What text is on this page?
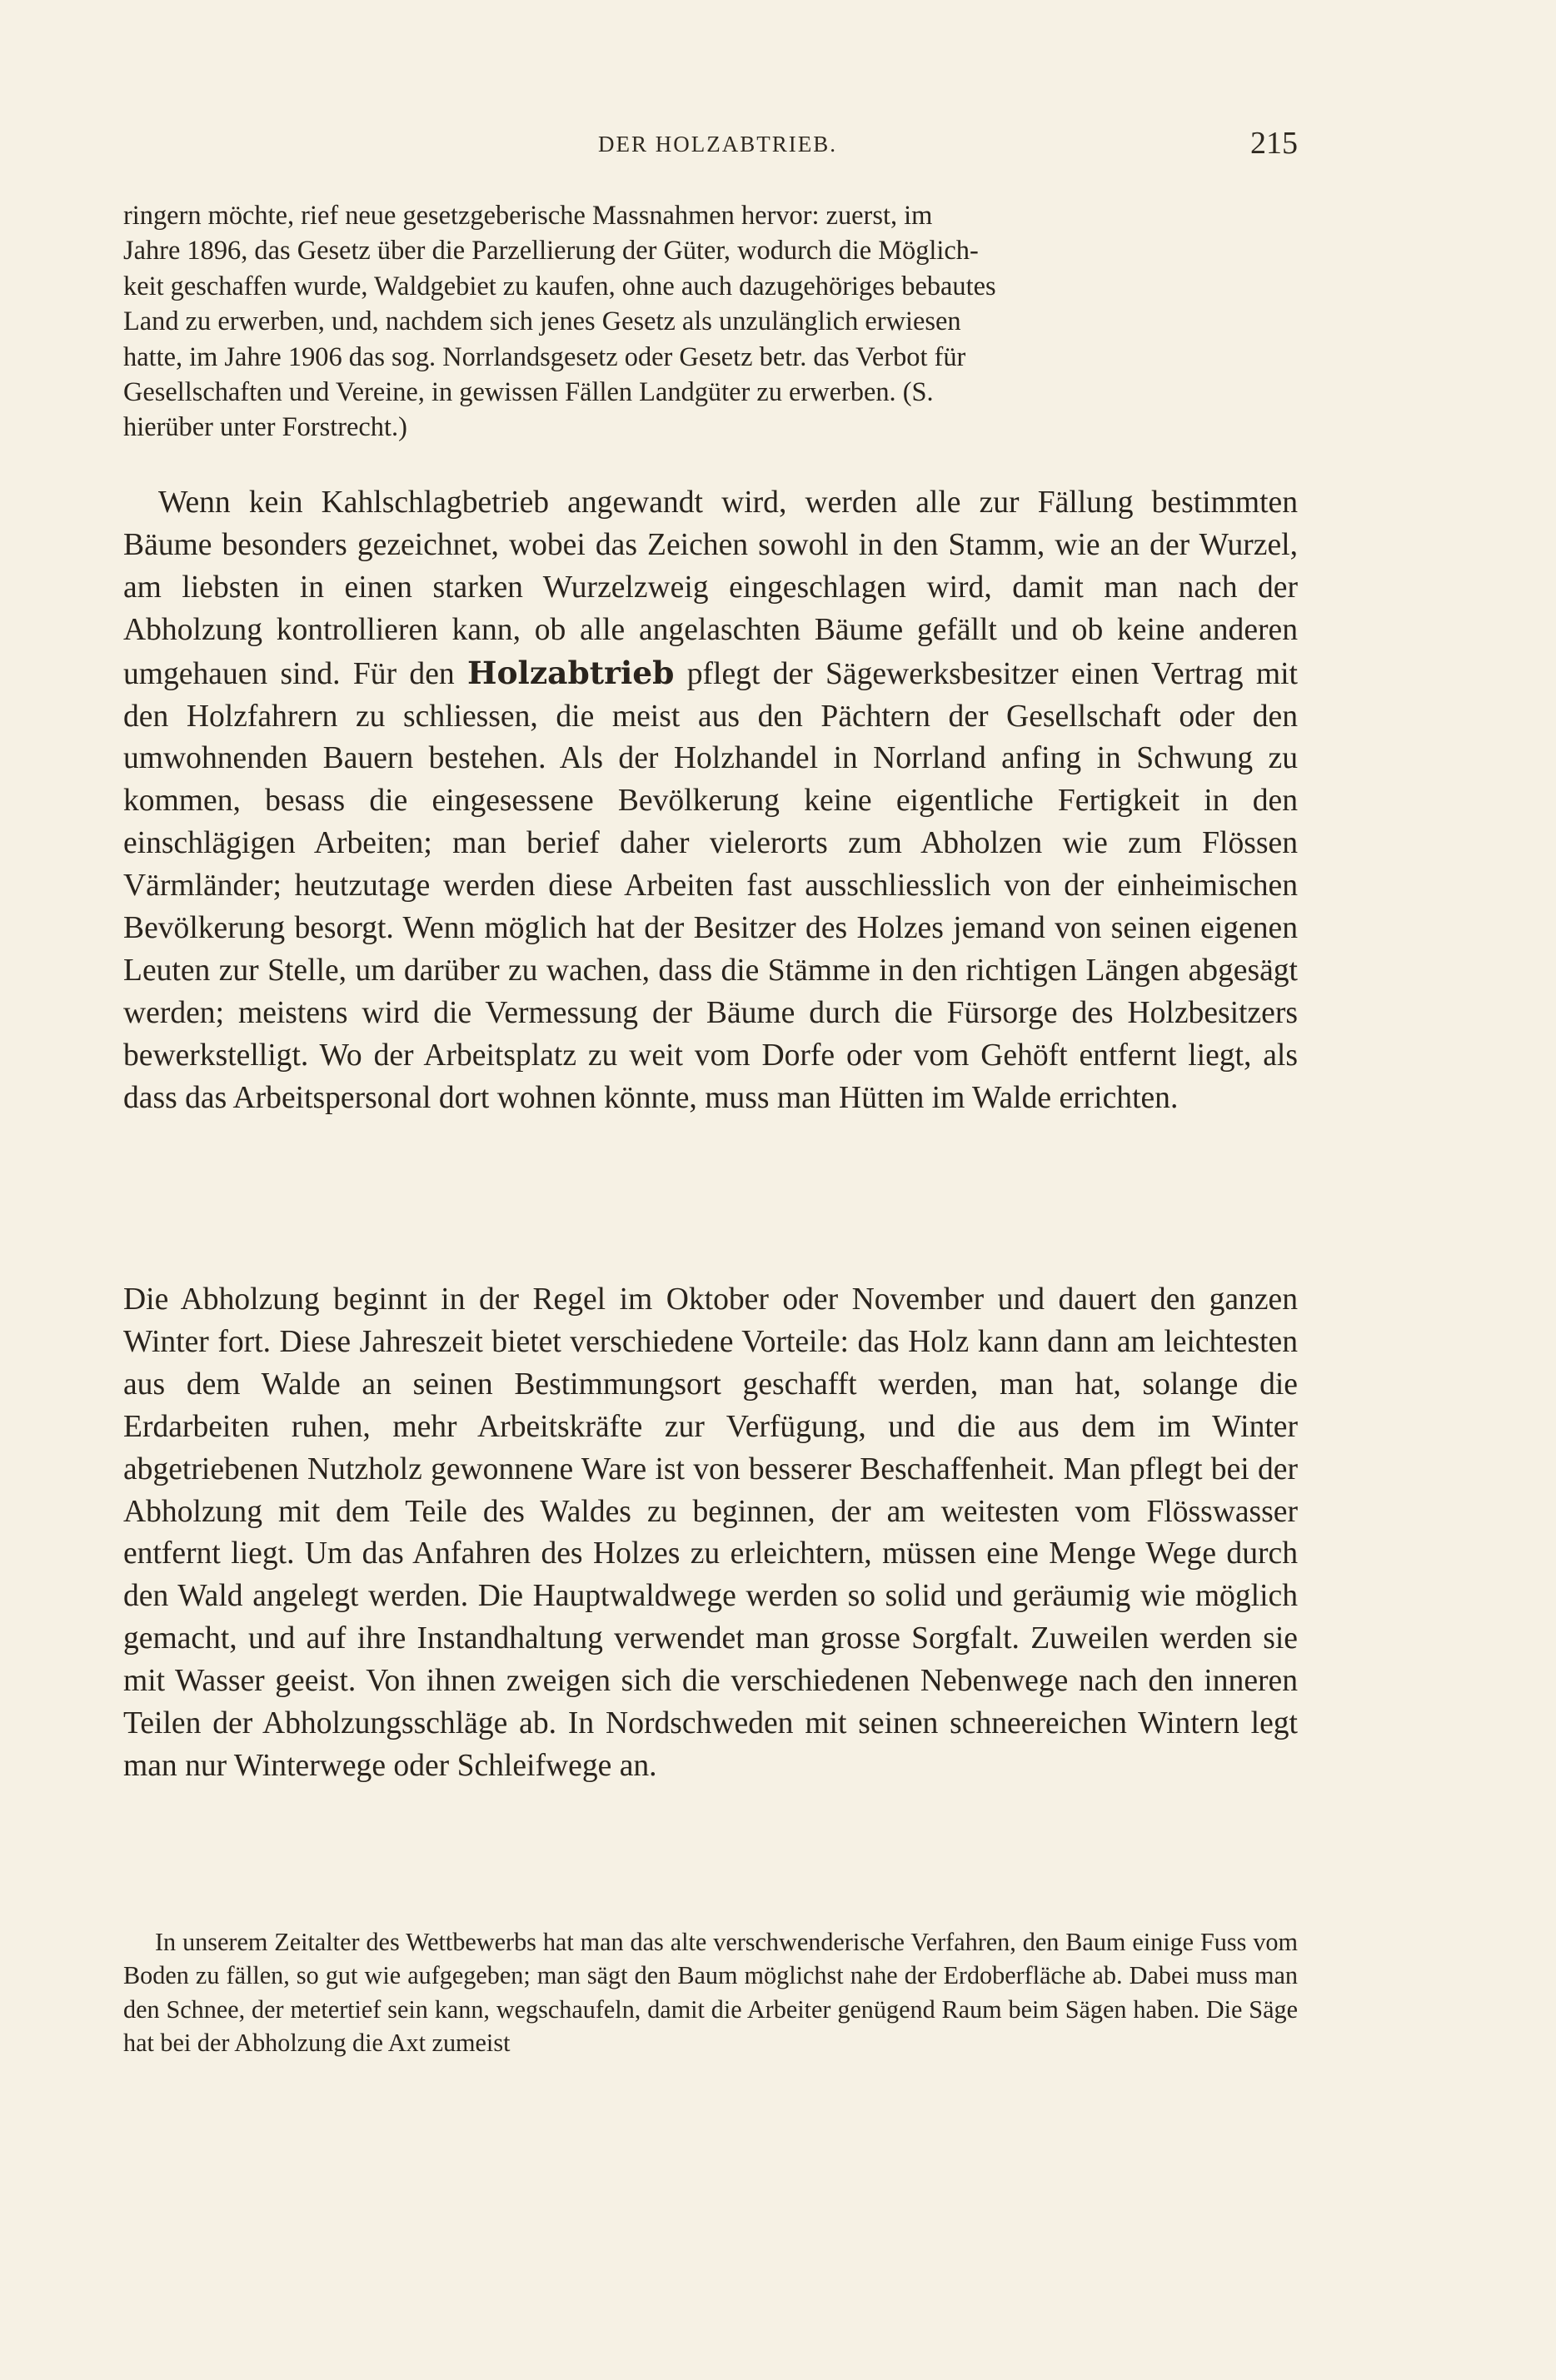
DER HOLZABTRIEB.	215
ringern möchte, rief neue gesetzgeberische Massnahmen hervor: zuerst, im
Jahre 1896, das Gesetz über die Parzellierung der Güter, wodurch die Möglich-
keit geschaffen wurde, Waldgebiet zu kaufen, ohne auch dazugehöriges bebautes
Land zu erwerben, und, nachdem sich jenes Gesetz als unzulänglich erwiesen
hatte, im Jahre 1906 das sog. Norrlandsgesetz oder Gesetz betr. das Verbot für
Gesellschaften und Vereine, in gewissen Fällen Landgüter zu erwerben. (S.
hierüber unter Forstrecht.)

Wenn kein Kahlschlagbetrieb angewandt wird, werden alle zur Fällung bestimmten Bäume besonders gezeichnet, wobei das Zeichen sowohl in den Stamm, wie an der Wurzel, am liebsten in einen starken Wurzelzweig eingeschlagen wird, damit man nach der Abholzung kontrollieren kann, ob alle angelaschten Bäume gefällt und ob keine anderen umgehauen sind. Für den Holzabtrieb pflegt der Sägewerksbesitzer einen Vertrag mit den Holzfahrern zu schliessen, die meist aus den Pächtern der Gesellschaft oder den umwohnenden Bauern bestehen. Als der Holzhandel in Norrland anfing in Schwung zu kommen, besass die eingesessene Bevölkerung keine eigentliche Fertigkeit in den einschlägigen Arbeiten; man berief daher vielerorts zum Abholzen wie zum Flössen Värmländer; heutzutage werden diese Arbeiten fast ausschliesslich von der einheimischen Bevölkerung besorgt. Wenn möglich hat der Besitzer des Holzes jemand von seinen eigenen Leuten zur Stelle, um darüber zu wachen, dass die Stämme in den richtigen Längen abgesägt werden; meistens wird die Vermessung der Bäume durch die Fürsorge des Holzbesitzers bewerkstelligt. Wo der Arbeitsplatz zu weit vom Dorfe oder vom Gehöft entfernt liegt, als dass das Arbeitspersonal dort wohnen könnte, muss man Hütten im Walde errichten.

Die Abholzung beginnt in der Regel im Oktober oder November und dauert den ganzen Winter fort. Diese Jahreszeit bietet verschiedene Vorteile: das Holz kann dann am leichtesten aus dem Walde an seinen Bestimmungsort geschafft werden, man hat, solange die Erdarbeiten ruhen, mehr Arbeitskräfte zur Verfügung, und die aus dem im Winter abgetriebenen Nutzholz gewonnene Ware ist von besserer Beschaffenheit. Man pflegt bei der Abholzung mit dem Teile des Waldes zu beginnen, der am weitesten vom Flösswasser entfernt liegt. Um das Anfahren des Holzes zu erleichtern, müssen eine Menge Wege durch den Wald angelegt werden. Die Hauptwaldwege werden so solid und geräumig wie möglich gemacht, und auf ihre Instandhaltung verwendet man grosse Sorgfalt. Zuweilen werden sie mit Wasser geeist. Von ihnen zweigen sich die verschiedenen Nebenwege nach den inneren Teilen der Abholzungsschläge ab. In Nordschweden mit seinen schneereichen Wintern legt man nur Winterwege oder Schleifwege an.

In unserem Zeitalter des Wettbewerbs hat man das alte verschwenderische Verfahren, den Baum einige Fuss vom Boden zu fällen, so gut wie aufgegeben; man sägt den Baum möglichst nahe der Erdoberfläche ab. Dabei muss man den Schnee, der metertief sein kann, wegschaufeln, damit die Arbeiter genügend Raum beim Sägen haben. Die Säge hat bei der Abholzung die Axt zumeist
